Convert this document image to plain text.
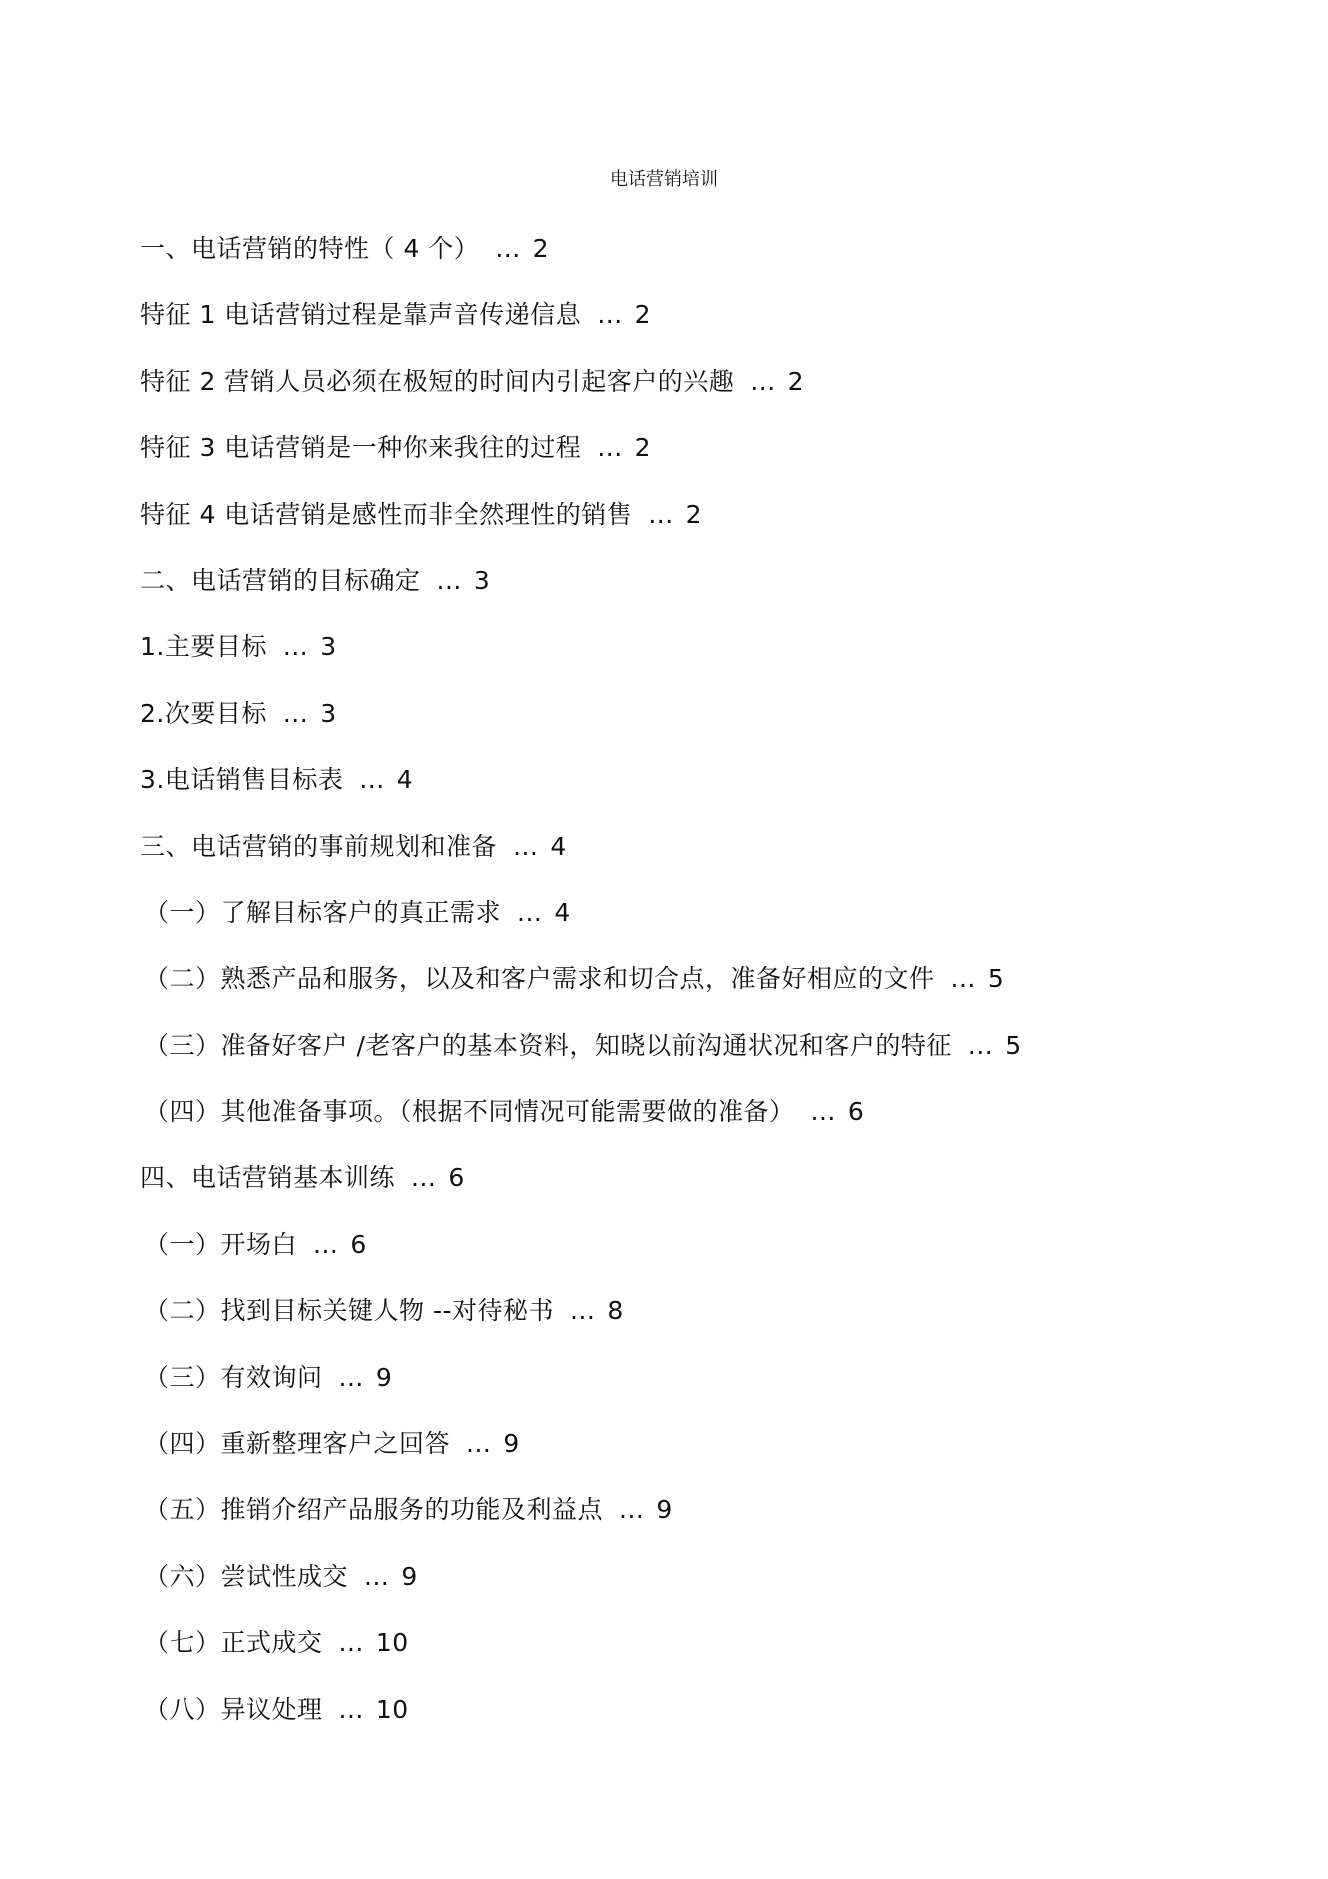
电话营销培训
一、电话营销的特性（ 4 个） ... 2
特征 1 电话营销过程是靠声音传递信息 ... 2
特征 2 营销人员必须在极短的时间内引起客户的兴趣 ... 2
特征 3 电话营销是一种你来我往的过程 ... 2
特征 4 电话营销是感性而非全然理性的销售 ... 2
二、电话营销的目标确定 ... 3
1.主要目标 ... 3
2.次要目标 ... 3
3.电话销售目标表 ... 4
三、电话营销的事前规划和准备 ... 4
（一）了解目标客户的真正需求 ... 4
（二）熟悉产品和服务，以及和客户需求和切合点，准备好相应的文件 ... 5
（三）准备好客户 /老客户的基本资料，知晓以前沟通状况和客户的特征 ... 5
（四）其他准备事项。（根据不同情况可能需要做的准备） ... 6
四、电话营销基本训练 ... 6
（一）开场白 ... 6
（二）找到目标关键人物 --对待秘书 ... 8
（三）有效询问 ... 9
（四）重新整理客户之回答 ... 9
（五）推销介绍产品服务的功能及利益点 ... 9
（六）尝试性成交 ... 9
（七）正式成交 ... 10
（八）异议处理 ... 10
